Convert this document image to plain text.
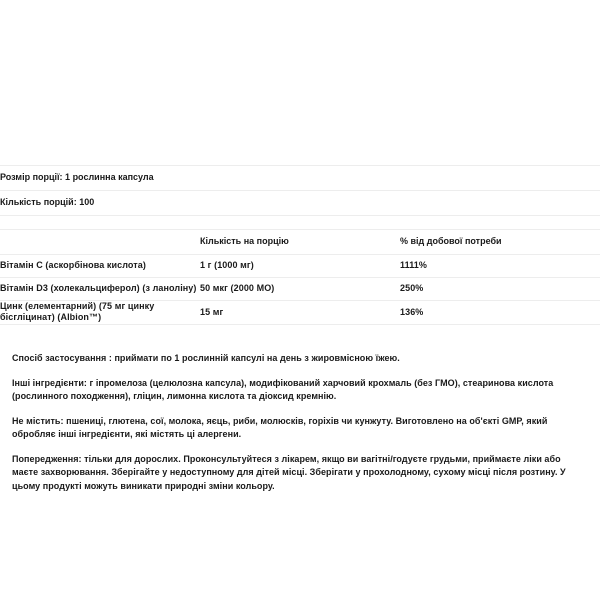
Розмір порції: 1 рослинна капсула		
Кількість порцій: 100		

	Кількість на порцію	% від добової потреби
Вітамін С (аскорбінова кислота)	1 г (1000 мг)	1111%
Вітамін D3 (холекальциферол) (з ланоліну)	50 мкг (2000 МО)	250%
Цинк (елементарний) (75 мг цинку бісгліцинат) (Albion™)	15 мг	136%

Спосіб застосування : приймати по 1 рослинній капсулі на день з жировмісною їжею.

Інші інгредієнти: г іпромелоза (целюлозна капсула), модифікований харчовий крохмаль (без ГМО), стеаринова кислота (рослинного походження), гліцин, лимонна кислота та діоксид кремнію.

Не містить: пшениці, глютена, сої, молока, яєць, риби, молюсків, горіхів чи кунжуту. Виготовлено на об'єкті GMP, який обробляє інші інгредієнти, які містять ці алергени.

Попередження: тільки для дорослих. Проконсультуйтеся з лікарем, якщо ви вагітні/годуєте грудьми, приймаєте ліки або маєте захворювання. Зберігайте у недоступному для дітей місці. Зберігати у прохолодному, сухому місці після розтину. У цьому продукті можуть виникати природні зміни кольору.
